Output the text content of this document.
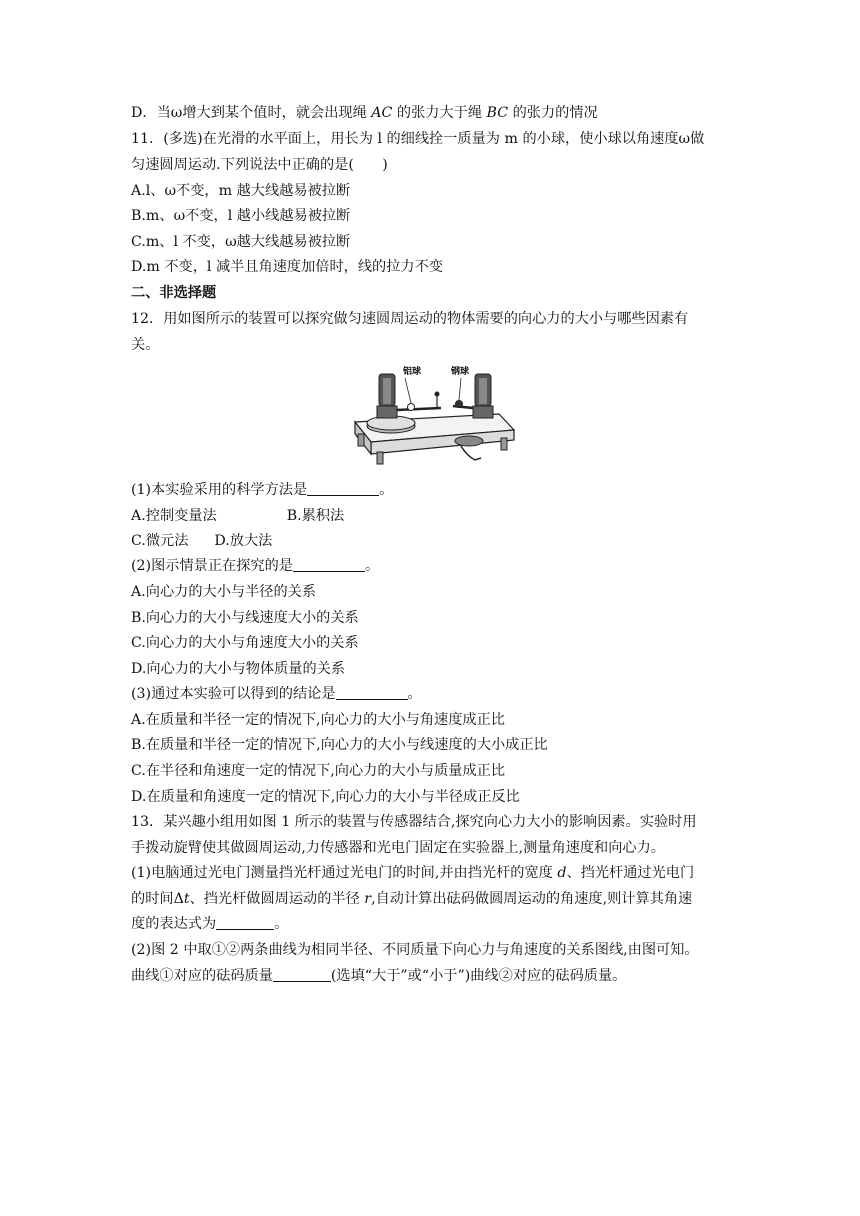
D．当ω增大到某个值时，就会出现绳 AC 的张力大于绳 BC 的张力的情况
11．(多选)在光滑的水平面上，用长为 l 的细线拴一质量为 m 的小球，使小球以角速度ω做
匀速圆周运动.下列说法中正确的是(　　)
A.l、ω不变，m 越大线越易被拉断
B.m、ω不变，l 越小线越易被拉断
C.m、l 不变，ω越大线越易被拉断
D.m 不变，l 减半且角速度加倍时，线的拉力不变
二、非选择题
12．用如图所示的装置可以探究做匀速圆周运动的物体需要的向心力的大小与哪些因素有
关。
铝球	钢球
(1)本实验采用的科学方法是	。
A.控制变量法	B.累积法
C.微元法 D.放大法
(2)图示情景正在探究的是	。
A.向心力的大小与半径的关系
B.向心力的大小与线速度大小的关系
C.向心力的大小与角速度大小的关系
D.向心力的大小与物体质量的关系
(3)通过本实验可以得到的结论是	。
A.在质量和半径一定的情况下,向心力的大小与角速度成正比
B.在质量和半径一定的情况下,向心力的大小与线速度的大小成正比
C.在半径和角速度一定的情况下,向心力的大小与质量成正比
D.在质量和角速度一定的情况下,向心力的大小与半径成正反比
13．某兴趣小组用如图 1 所示的装置与传感器结合,探究向心力大小的影响因素。实验时用
手拨动旋臂使其做圆周运动,力传感器和光电门固定在实验器上,测量角速度和向心力。
(1)电脑通过光电门测量挡光杆通过光电门的时间,并由挡光杆的宽度 d、挡光杆通过光电门
的时间Δt、挡光杆做圆周运动的半径 r,自动计算出砝码做圆周运动的角速度,则计算其角速
度的表达式为	。
(2)图 2 中取①②两条曲线为相同半径、不同质量下向心力与角速度的关系图线,由图可知。
曲线①对应的砝码质量	(选填“大于”或“小于”)曲线②对应的砝码质量。
